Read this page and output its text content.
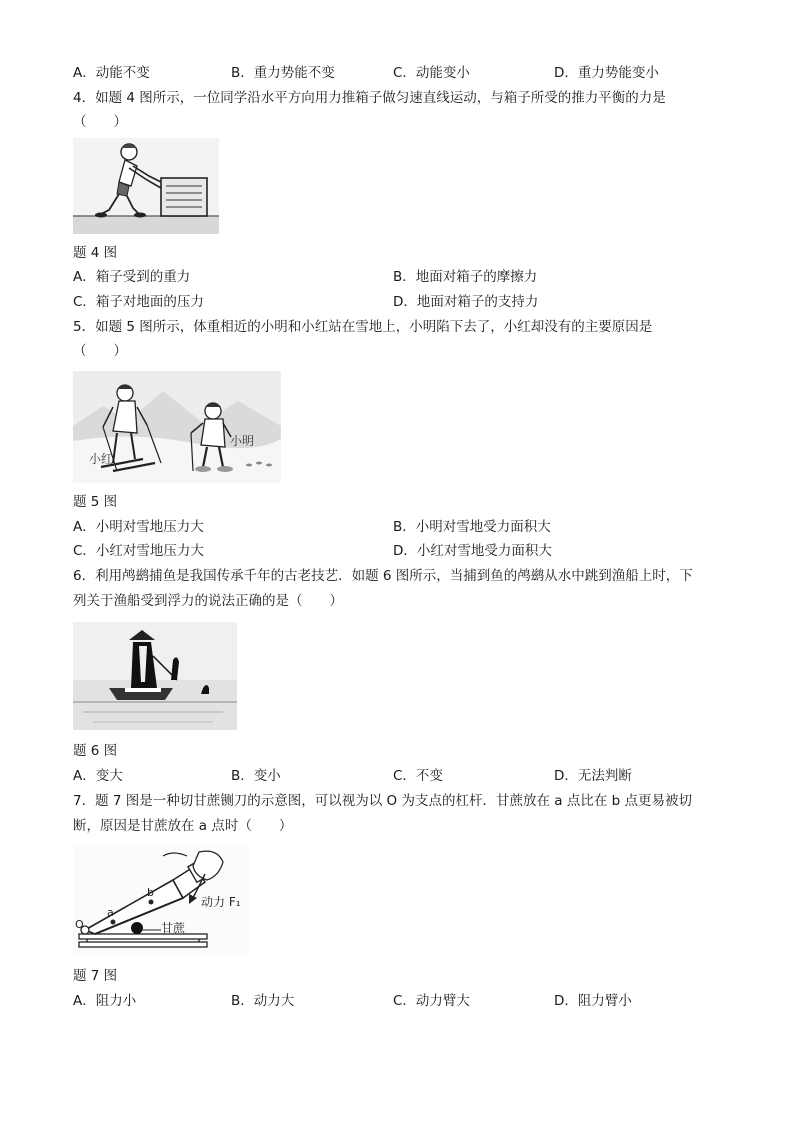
A．动能不变	B．重力势能不变	C．动能变小	D．重力势能变小
4．如题 4 图所示，一位同学沿水平方向用力推箱子做匀速直线运动，与箱子所受的推力平衡的力是
（　　）
题 4 图
A．箱子受到的重力	B．地面对箱子的摩擦力
C．箱子对地面的压力	D．地面对箱子的支持力
5．如题 5 图所示，体重相近的小明和小红站在雪地上，小明陷下去了，小红却没有的主要原因是
（　　）
小红
小明
题 5 图
A．小明对雪地压力大	B．小明对雪地受力面积大
C．小红对雪地压力大	D．小红对雪地受力面积大
6．利用鸬鹚捕鱼是我国传承千年的古老技艺．如题 6 图所示，当捕到鱼的鸬鹚从水中跳到渔船上时，下
列关于渔船受到浮力的说法正确的是（　　）
题 6 图
A．变大	B．变小	C．不变	D．无法判断
7．题 7 图是一种切甘蔗铡刀的示意图，可以视为以 O 为支点的杠杆．甘蔗放在 a 点比在 b 点更易被切
断，原因是甘蔗放在 a 点时（　　）
O
a
b
甘蔗
动力 F₁
题 7 图
A．阻力小	B．动力大	C．动力臂大	D．阻力臂小
